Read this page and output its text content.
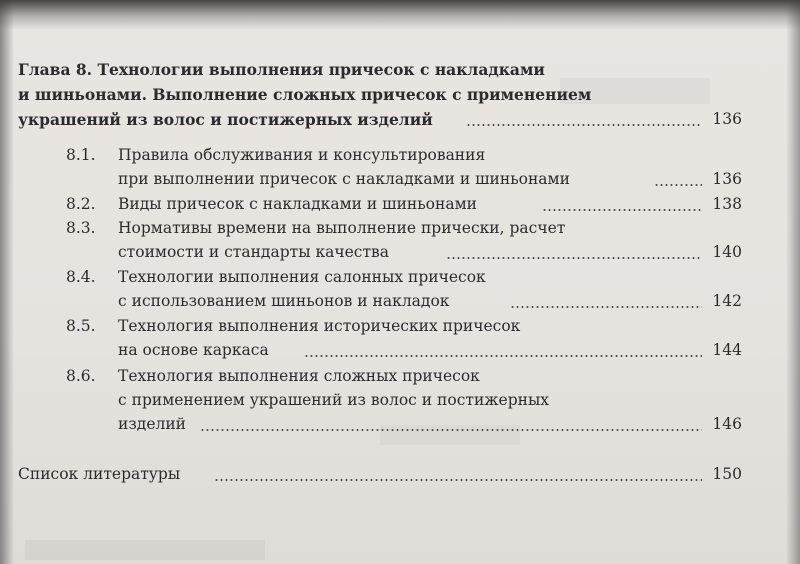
Глава 8. Технологии выполнения причесок с накладками
и шиньонами. Выполнение сложных причесок с применением
украшений из волос и постижерных изделий	136
8.1. Правила обслуживания и консультирования
при выполнении причесок с накладками и шиньонами	136
8.2. Виды причесок с накладками и шиньонами	138
8.3. Нормативы времени на выполнение прически, расчет
стоимости и стандарты качества	140
8.4. Технологии выполнения салонных причесок
с использованием шиньонов и накладок	142
8.5. Технология выполнения исторических причесок
на основе каркаса	144
8.6. Технология выполнения сложных причесок
с применением украшений из волос и постижерных
изделий	146
Список литературы	150
